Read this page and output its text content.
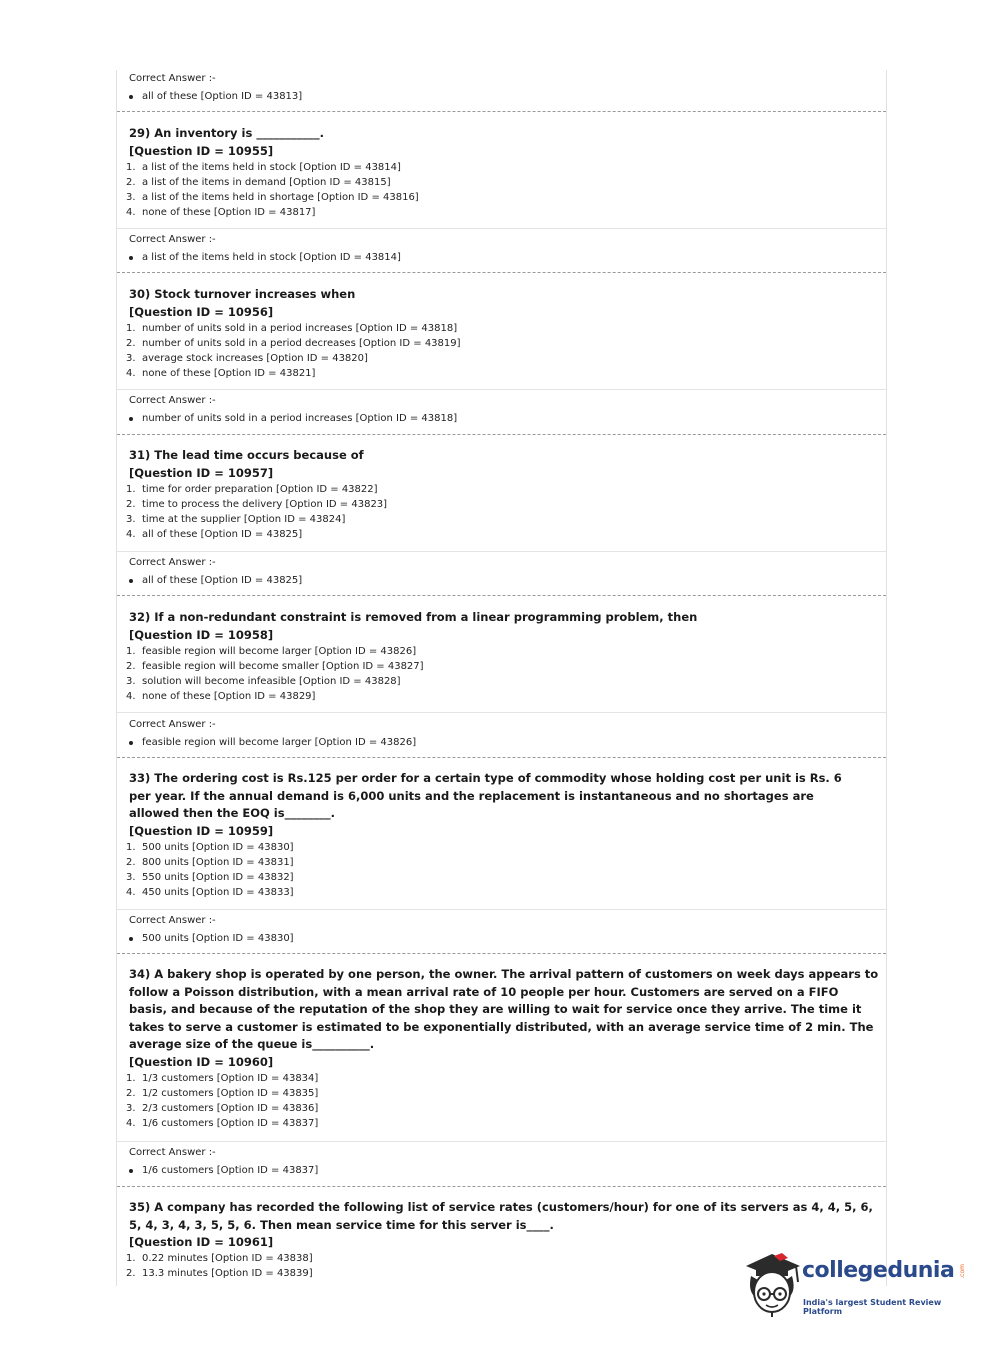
Correct Answer :-
all of these [Option ID = 43813]
29) An inventory is ___________.
[Question ID = 10955]
1. a list of the items held in stock [Option ID = 43814]
2. a list of the items in demand [Option ID = 43815]
3. a list of the items held in shortage [Option ID = 43816]
4. none of these [Option ID = 43817]
Correct Answer :-
a list of the items held in stock [Option ID = 43814]
30) Stock turnover increases when
[Question ID = 10956]
1. number of units sold in a period increases [Option ID = 43818]
2. number of units sold in a period decreases [Option ID = 43819]
3. average stock increases [Option ID = 43820]
4. none of these [Option ID = 43821]
Correct Answer :-
number of units sold in a period increases [Option ID = 43818]
31) The lead time occurs because of
[Question ID = 10957]
1. time for order preparation [Option ID = 43822]
2. time to process the delivery [Option ID = 43823]
3. time at the supplier [Option ID = 43824]
4. all of these [Option ID = 43825]
Correct Answer :-
all of these [Option ID = 43825]
32) If a non-redundant constraint is removed from a linear programming problem, then
[Question ID = 10958]
1. feasible region will become larger [Option ID = 43826]
2. feasible region will become smaller [Option ID = 43827]
3. solution will become infeasible [Option ID = 43828]
4. none of these [Option ID = 43829]
Correct Answer :-
feasible region will become larger [Option ID = 43826]
33) The ordering cost is Rs.125 per order for a certain type of commodity whose holding cost per unit is Rs. 6 per year. If the annual demand is 6,000 units and the replacement is instantaneous and no shortages are allowed then the EOQ is________.
[Question ID = 10959]
1. 500 units [Option ID = 43830]
2. 800 units [Option ID = 43831]
3. 550 units [Option ID = 43832]
4. 450 units [Option ID = 43833]
Correct Answer :-
500 units [Option ID = 43830]
34) A bakery shop is operated by one person, the owner. The arrival pattern of customers on week days appears to follow a Poisson distribution, with a mean arrival rate of 10 people per hour. Customers are served on a FIFO basis, and because of the reputation of the shop they are willing to wait for service once they arrive. The time it takes to serve a customer is estimated to be exponentially distributed, with an average service time of 2 min. The average size of the queue is__________.
[Question ID = 10960]
1. 1/3 customers [Option ID = 43834]
2. 1/2 customers [Option ID = 43835]
3. 2/3 customers [Option ID = 43836]
4. 1/6 customers [Option ID = 43837]
Correct Answer :-
1/6 customers [Option ID = 43837]
35) A company has recorded the following list of service rates (customers/hour) for one of its servers as 4, 4, 5, 6, 5, 4, 3, 4, 3, 5, 5, 6. Then mean service time for this server is____.
[Question ID = 10961]
1. 0.22 minutes [Option ID = 43838]
2. 13.3 minutes [Option ID = 43839]	collegedunia .com
India's largest Student Review Platform
